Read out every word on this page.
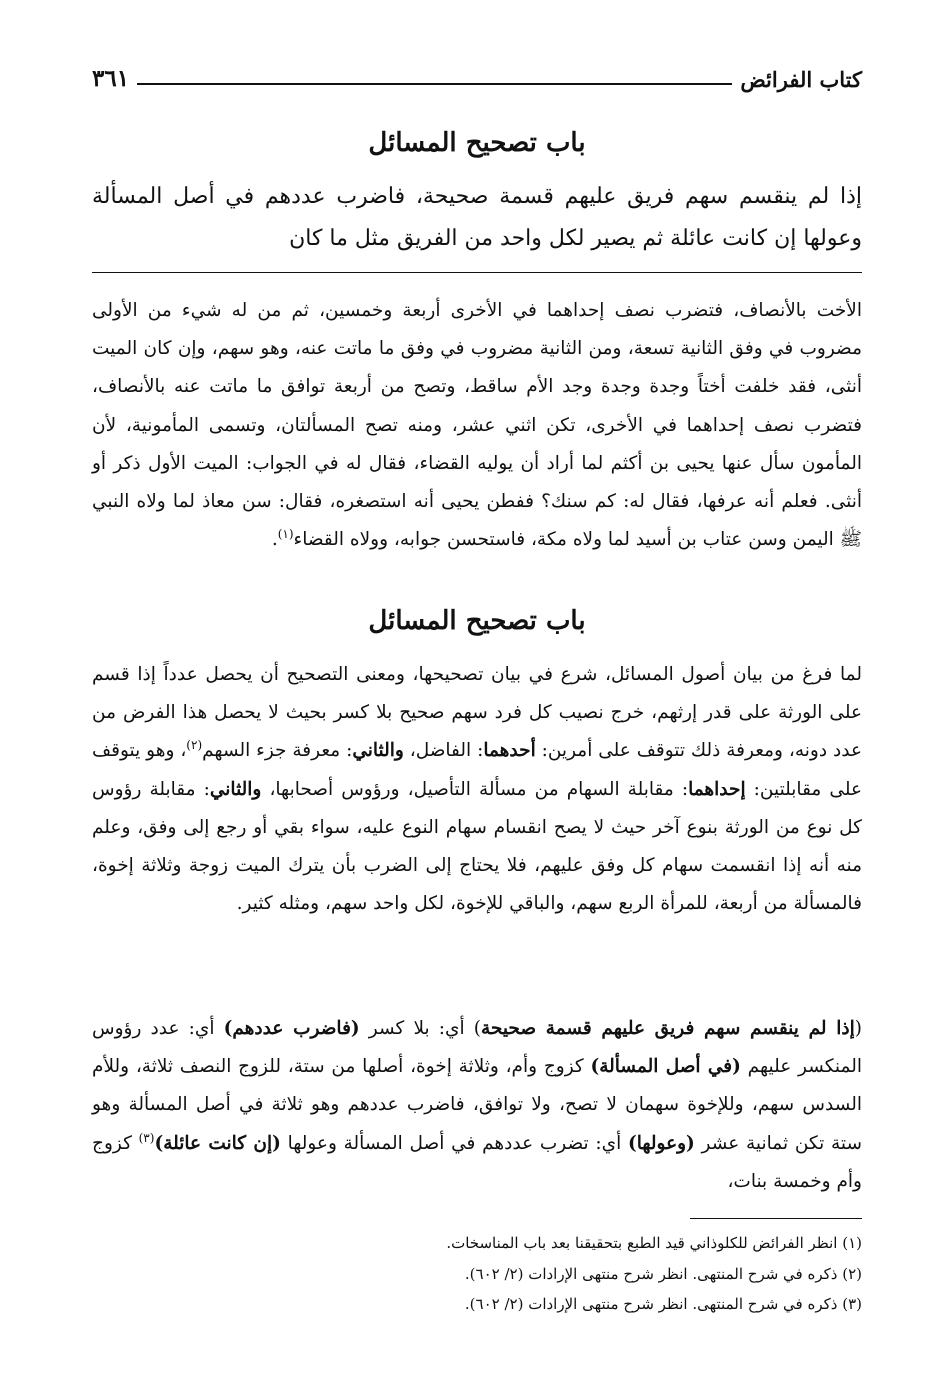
كتاب الفرائض
٣٦١
باب تصحيح المسائل

إذا لم ينقسم سهم فريق عليهم قسمة صحيحة، فاضرب عددهم في أصل المسألة وعولها إن كانت عائلة ثم يصير لكل واحد من الفريق مثل ما كان

الأخت بالأنصاف، فتضرب نصف إحداهما في الأخرى أربعة وخمسين، ثم من له شيء من الأولى مضروب في وفق الثانية تسعة، ومن الثانية مضروب في وفق ما ماتت عنه، وهو سهم، وإن كان الميت أنثى، فقد خلفت أختاً وجدة وجدة وجد الأم ساقط، وتصح من أربعة توافق ما ماتت عنه بالأنصاف، فتضرب نصف إحداهما في الأخرى، تكن اثني عشر، ومنه تصح المسألتان، وتسمى المأمونية، لأن المأمون سأل عنها يحيى بن أكثم لما أراد أن يوليه القضاء، فقال له في الجواب: الميت الأول ذكر أو أنثى. فعلم أنه عرفها، فقال له: كم سنك؟ ففطن يحيى أنه استصغره، فقال: سن معاذ لما ولاه النبي ﷺ اليمن وسن عتاب بن أسيد لما ولاه مكة، فاستحسن جوابه، وولاه القضاء$^{(١)}$.

باب تصحيح المسائل

لما فرغ من بيان أصول المسائل، شرع في بيان تصحيحها، ومعنى التصحيح أن يحصل عدداً إذا قسم على الورثة على قدر إرثهم، خرج نصيب كل فرد سهم صحيح بلا كسر بحيث لا يحصل هذا الفرض من عدد دونه، ومعرفة ذلك تتوقف على أمرين: أحدهما: الفاضل، والثاني: معرفة جزء السهم$^{(٢)}$، وهو يتوقف على مقابلتين: إحداهما: مقابلة السهام من مسألة التأصيل، ورؤوس أصحابها، والثاني: مقابلة رؤوس كل نوع من الورثة بنوع آخر حيث لا يصح انقسام سهام النوع عليه، سواء بقي أو رجع إلى وفق، وعلم منه أنه إذا انقسمت سهام كل وفق عليهم، فلا يحتاج إلى الضرب بأن يترك الميت زوجة وثلاثة إخوة، فالمسألة من أربعة، للمرأة الربع سهم، والباقي للإخوة، لكل واحد سهم، ومثله كثير.

(إذا لم ينقسم سهم فريق عليهم قسمة صحيحة) أي: بلا كسر (فاضرب عددهم) أي: عدد رؤوس المنكسر عليهم (في أصل المسألة) كزوج وأم، وثلاثة إخوة، أصلها من ستة، للزوج النصف ثلاثة، وللأم السدس سهم، وللإخوة سهمان لا تصح، ولا توافق، فاضرب عددهم وهو ثلاثة في أصل المسألة وهو ستة تكن ثمانية عشر (وعولها) أي: تضرب عددهم في أصل المسألة وعولها (إن كانت عائلة)$^{(٣)}$ كزوج وأم وخمسة بنات،

(١) انظر الفرائض للكلوذاني قيد الطبع بتحقيقنا بعد باب المناسخات.
(٢) ذكره في شرح المنتهى. انظر شرح منتهى الإرادات (٢/ ٦٠٢).
(٣) ذكره في شرح المنتهى. انظر شرح منتهى الإرادات (٢/ ٦٠٢).
